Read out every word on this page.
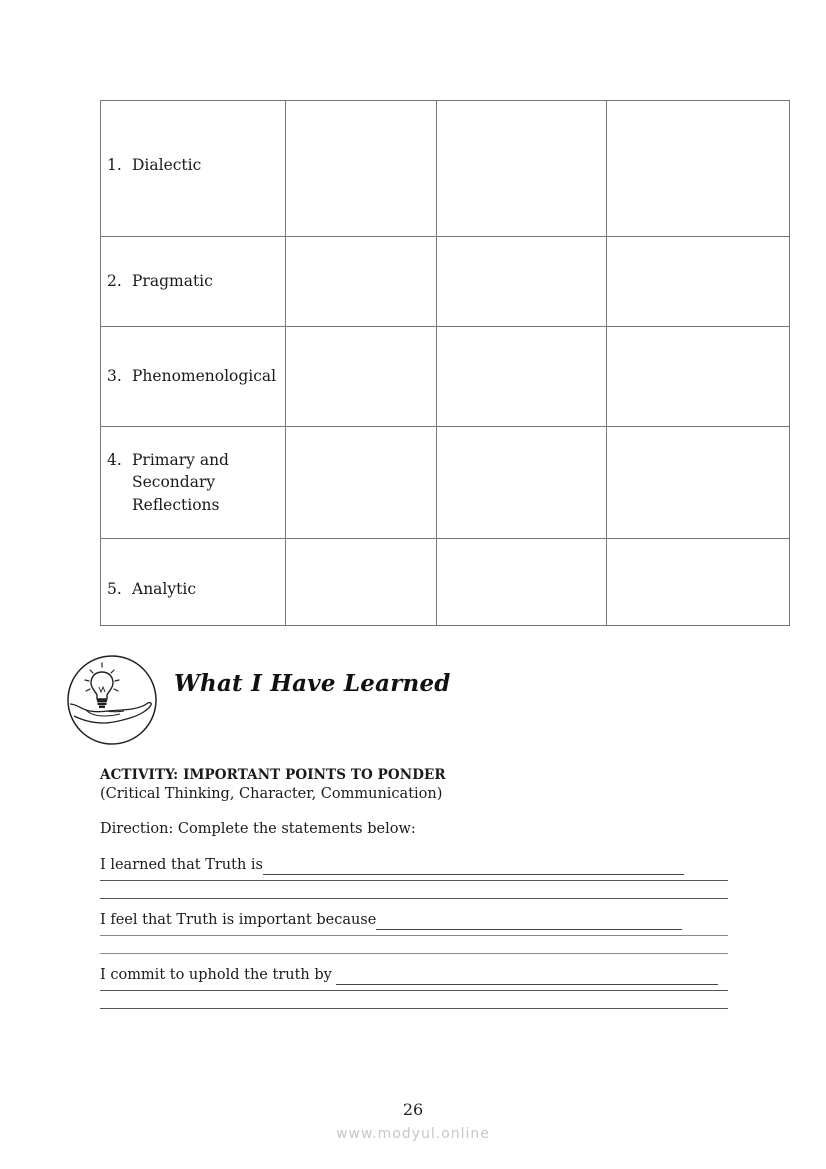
1. Dialectic			

2. Pragmatic			

3. Phenomenological			

4. Primary and
Secondary
Reflections			

5. Analytic			

What I Have Learned
ACTIVITY: IMPORTANT POINTS TO PONDER
(Critical Thinking, Character, Communication)
Direction: Complete the statements below:
I learned that Truth is
I feel that Truth is important because
I commit to uphold the truth by
26
www.modyul.online
